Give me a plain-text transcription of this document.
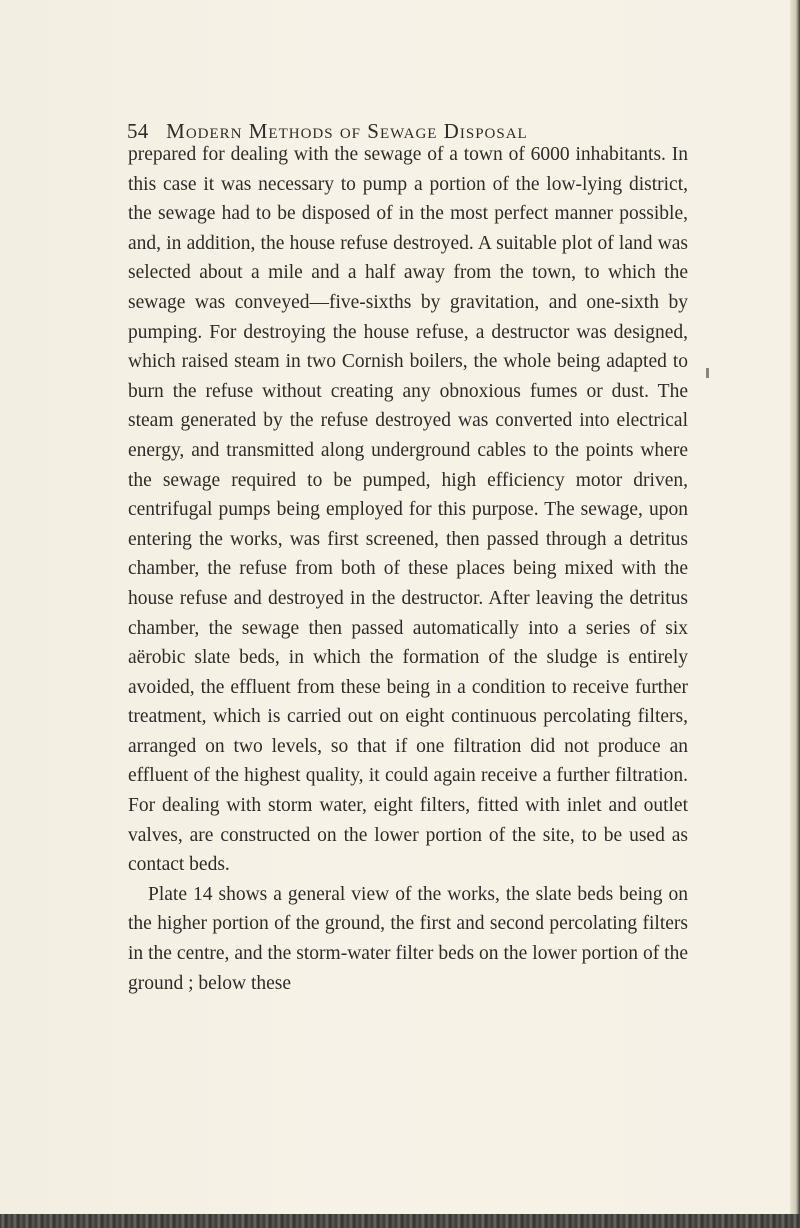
54 Modern Methods of Sewage Disposal

prepared for dealing with the sewage of a town of 6000 inhabitants. In this case it was necessary to pump a portion of the low-lying district, the sewage had to be disposed of in the most perfect manner possible, and, in addition, the house refuse destroyed. A suitable plot of land was selected about a mile and a half away from the town, to which the sewage was conveyed—five-sixths by gravitation, and one-sixth by pumping. For destroying the house refuse, a destructor was designed, which raised steam in two Cornish boilers, the whole being adapted to burn the refuse without creating any obnoxious fumes or dust. The steam generated by the refuse destroyed was converted into electrical energy, and transmitted along underground cables to the points where the sewage required to be pumped, high efficiency motor driven, centrifugal pumps being employed for this purpose. The sewage, upon entering the works, was first screened, then passed through a detritus chamber, the refuse from both of these places being mixed with the house refuse and destroyed in the destructor. After leaving the detritus chamber, the sewage then passed automatically into a series of six aërobic slate beds, in which the formation of the sludge is entirely avoided, the effluent from these being in a condition to receive further treatment, which is carried out on eight continuous percolating filters, arranged on two levels, so that if one filtration did not produce an effluent of the highest quality, it could again receive a further filtration. For dealing with storm water, eight filters, fitted with inlet and outlet valves, are constructed on the lower portion of the site, to be used as contact beds.

Plate 14 shows a general view of the works, the slate beds being on the higher portion of the ground, the first and second percolating filters in the centre, and the storm-water filter beds on the lower portion of the ground ; below these
